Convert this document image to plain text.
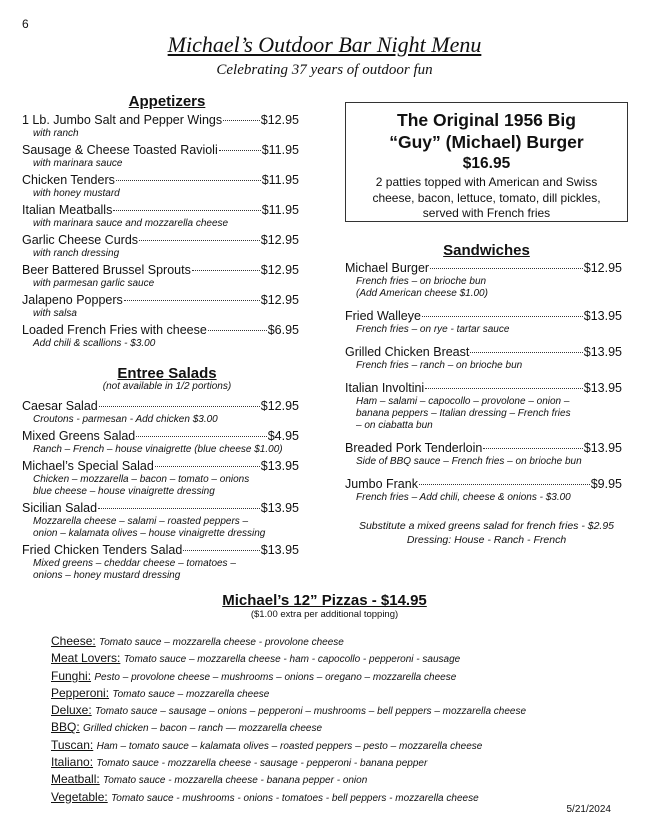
6
Michael’s Outdoor Bar Night Menu
Celebrating 37 years of outdoor fun
Appetizers
1 Lb. Jumbo Salt and Pepper Wings	$12.95
with ranch
Sausage & Cheese Toasted Ravioli	$11.95
with marinara sauce
Chicken Tenders	$11.95
with honey mustard
Italian Meatballs	$11.95
with marinara sauce and mozzarella cheese
Garlic Cheese Curds	$12.95
with ranch dressing
Beer Battered Brussel Sprouts	$12.95
with parmesan garlic sauce
Jalapeno Poppers	$12.95
with salsa
Loaded French Fries with cheese	$6.95
Add chili & scallions - $3.00
Entree Salads
(not available in 1/2 portions)
Caesar Salad	$12.95
Croutons - parmesan - Add chicken $3.00
Mixed Greens Salad	$4.95
Ranch – French – house vinaigrette (blue cheese $1.00)
Michael’s Special Salad	$13.95
Chicken – mozzarella – bacon – tomato – onions
blue cheese – house vinaigrette dressing
Sicilian Salad	$13.95
Mozzarella cheese – salami – roasted peppers –
onion – kalamata olives – house vinaigrette dressing
Fried Chicken Tenders Salad	$13.95
Mixed greens – cheddar cheese – tomatoes –
onions – honey mustard dressing
The Original 1956 Big
“Guy” (Michael) Burger
$16.95
2 patties topped with American and Swiss
cheese, bacon, lettuce, tomato, dill pickles,
served with French fries
Sandwiches
Michael Burger	$12.95
French fries – on brioche bun
(Add American cheese $1.00)
Fried Walleye	$13.95
French fries – on rye - tartar sauce
Grilled Chicken Breast	$13.95
French fries – ranch – on brioche bun
Italian Involtini	$13.95
Ham – salami – capocollo – provolone – onion –
banana peppers – Italian dressing – French fries
– on ciabatta bun
Breaded Pork Tenderloin	$13.95
Side of BBQ sauce – French fries – on brioche bun
Jumbo Frank	$9.95
French fries – Add chili, cheese & onions - $3.00
Substitute a mixed greens salad for french fries - $2.95
Dressing: House - Ranch - French
Michael’s 12” Pizzas - $14.95
($1.00 extra per additional topping)
Cheese: Tomato sauce – mozzarella cheese - provolone cheese
Meat Lovers: Tomato sauce – mozzarella cheese - ham - capocollo - pepperoni - sausage
Funghi: Pesto – provolone cheese – mushrooms – onions – oregano – mozzarella cheese
Pepperoni: Tomato sauce – mozzarella cheese
Deluxe: Tomato sauce – sausage – onions – pepperoni – mushrooms – bell peppers – mozzarella cheese
BBQ: Grilled chicken – bacon – ranch — mozzarella cheese
Tuscan: Ham – tomato sauce – kalamata olives – roasted peppers – pesto – mozzarella cheese
Italiano: Tomato sauce - mozzarella cheese - sausage - pepperoni - banana pepper
Meatball: Tomato sauce - mozzarella cheese - banana pepper - onion
Vegetable: Tomato sauce - mushrooms - onions - tomatoes - bell peppers - mozzarella cheese
5/21/2024
